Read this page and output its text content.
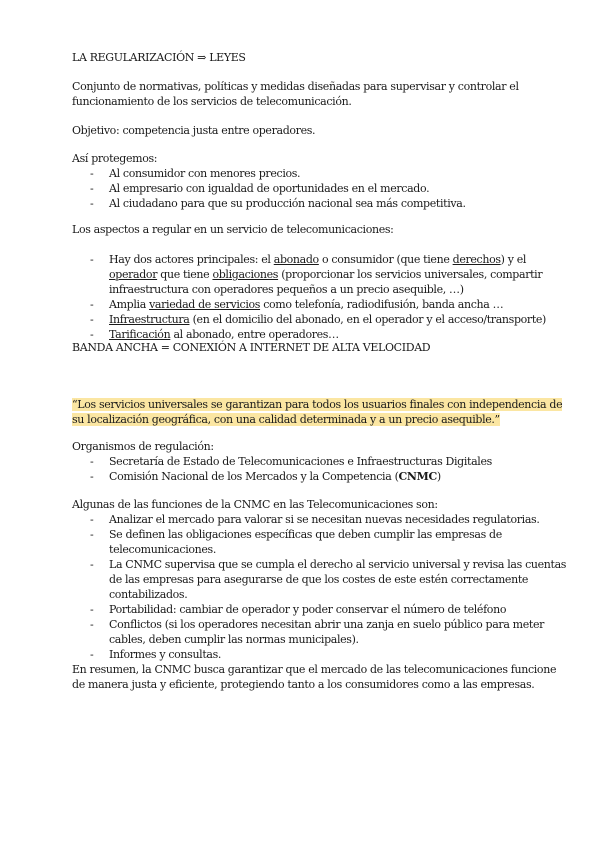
LA REGULARIZACIÓN ⇒ LEYES
Conjunto de normativas, políticas y medidas diseñadas para supervisar y controlar el
funcionamiento de los servicios de telecomunicación.
Objetivo: competencia justa entre operadores.
Así protegemos:
- Al consumidor con menores precios.
- Al empresario con igualdad de oportunidades en el mercado.
- Al ciudadano para que su producción nacional sea más competitiva.
Los aspectos a regular en un servicio de telecomunicaciones:
- Hay dos actores principales: el abonado o consumidor (que tiene derechos) y el
operador que tiene obligaciones (proporcionar los servicios universales, compartir
infraestructura con operadores pequeños a un precio asequible, …)
- Amplia variedad de servicios como telefonía, radiodifusión, banda ancha …
- Infraestructura (en el domicilio del abonado, en el operador y el acceso/transporte)
- Tarificación al abonado, entre operadores…
BANDA ANCHA = CONEXIÓN A INTERNET DE ALTA VELOCIDAD
“Los servicios universales se garantizan para todos los usuarios finales con independencia de
su localización geográfica, con una calidad determinada y a un precio asequible.”
Organismos de regulación:
- Secretaría de Estado de Telecomunicaciones e Infraestructuras Digitales
- Comisión Nacional de los Mercados y la Competencia (CNMC)
Algunas de las funciones de la CNMC en las Telecomunicaciones son:
- Analizar el mercado para valorar si se necesitan nuevas necesidades regulatorias.
- Se definen las obligaciones específicas que deben cumplir las empresas de
telecomunicaciones.
- La CNMC supervisa que se cumpla el derecho al servicio universal y revisa las cuentas
de las empresas para asegurarse de que los costes de este estén correctamente
contabilizados.
- Portabilidad: cambiar de operador y poder conservar el número de teléfono
- Conflictos (si los operadores necesitan abrir una zanja en suelo público para meter
cables, deben cumplir las normas municipales).
- Informes y consultas.
En resumen, la CNMC busca garantizar que el mercado de las telecomunicaciones funcione
de manera justa y eficiente, protegiendo tanto a los consumidores como a las empresas.
